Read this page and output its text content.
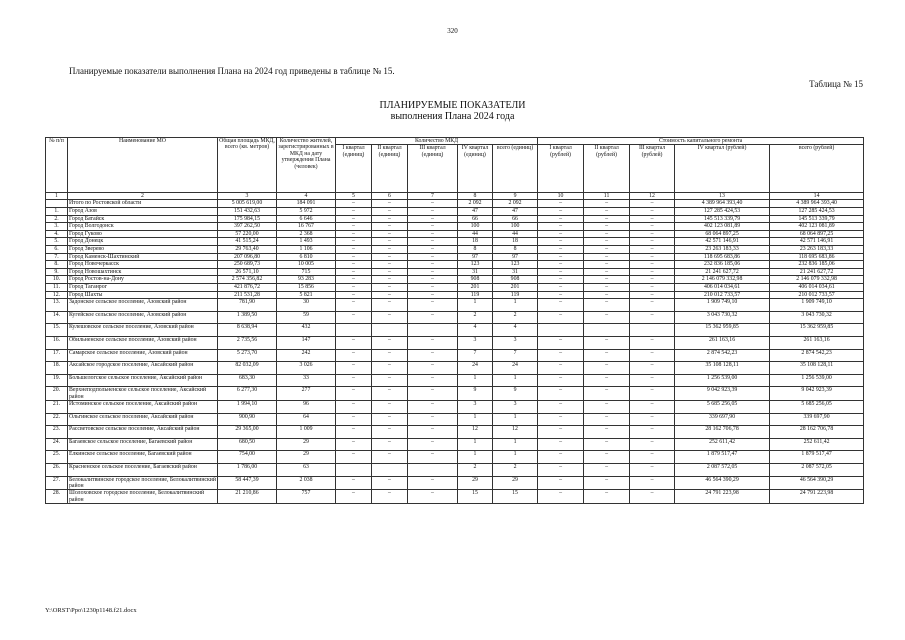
320
Планируемые показатели выполнения Плана на 2024 год приведены в таблице № 15.
Таблица № 15
ПЛАНИРУЕМЫЕ ПОКАЗАТЕЛИ
выполнения Плана 2024 года
№ п/п	Наименование МО	Общая площадь МКД, всего (кв. метров)	Количество жителей, зарегистрированных в МКД на дату утверждения Плана (человек)	Количество МКД					Стоимость капитального ремонта				
				I квартал (единиц)	II квартал (единиц)	III квартал (единиц)	IV квартал (единиц)	всего (единиц)	I квартал (рублей)	II квартал (рублей)	III квартал (рублей)	IV квартал (рублей)	всего (рублей)
1	2	3	4	5	6	7	8	9	10	11	12	13	14
	Итого по Ростовской области	5 005 619,00	184 091	–	–	–	2 092	2 092	–	–	–	4 389 964 393,40	4 389 964 393,40
1.	Город Азов	151 432,63	5 972	–	–	–	47	47	–	–	–	127 285 424,53	127 285 424,53
2.	Город Батайск	175 984,15	6 646	–	–	–	66	66	–	–	–	145 513 339,79	145 513 339,79
3.	Город Волгодонск	397 262,50	16 767	–	–	–	100	100	–	–	–	402 123 081,89	402 123 081,89
4.	Город Гуково	57 220,00	2 368	–	–	–	44	44	–	–	–	68 064 897,25	68 064 897,25
5.	Город Донецк	41 515,24	1 493	–	–	–	18	18	–	–	–	42 571 146,91	42 571 146,91
6.	Город Зверево	29 763,40	1 106	–	–	–	8	8	–	–	–	23 263 183,33	23 263 183,33
7.	Город Каменск-Шахтинский	207 096,80	6 810	–	–	–	97	97	–	–	–	118 695 683,86	118 695 683,86
8.	Город Новочеркасск	250 689,73	10 005	–	–	–	123	123	–	–	–	232 836 185,06	232 836 185,06
9.	Город Новошахтинск	26 571,10	715	–	–	–	31	31	–	–	–	21 241 627,72	21 241 627,72
10.	Город Ростов-на-Дону	2 574 356,82	93 283	–	–	–	908	908	–	–	–	2 146 079 332,98	2 146 079 332,98
11.	Город Таганрог	421 876,72	15 856	–	–	–	201	201	–	–	–	406 014 034,61	406 014 034,61
12.	Город Шахты	211 531,28	5 821	–	–	–	119	119	–	–	–	210 012 733,57	210 012 733,57
13.	Задонское сельское поселение, Азовский район	781,90	30	–	–	–	1	1	–	–	–	1 909 749,10	1 909 749,10
14.	Кугейское сельское поселение, Азовский район	1 389,50	59	–	–	–	2	2	–	–	–	3 043 730,32	3 043 730,32
15.	Кулешовское сельское поселение, Азовский район	8 638,94	432				4	4				15 362 959,85	15 362 959,85
16.	Обильненское сельское поселение, Азовский район	2 735,56	147	–	–	–	3	3	–	–	–	261 163,16	261 163,16
17.	Самарское сельское поселение, Азовский район	5 273,70	242	–	–	–	7	7	–	–	–	2 874 542,23	2 874 542,23
18.	Аксайское городское поселение, Аксайский район	82 032,09	3 026	–	–	–	24	24	–	–	–	35 108 128,11	35 108 128,11
19.	Большелогское сельское поселение, Аксайский район	683,30	33	–	–	–	1	1	–	–	–	1 256 539,00	1 256 539,00
20.	Верхнеподпольненское сельское поселение, Аксайский район	6 277,30	277	–	–	–	9	9	–	–	–	9 042 923,39	9 042 923,39
21.	Истоминское сельское поселение, Аксайский район	1 994,10	96	–	–	–	3	3	–	–	–	5 685 256,05	5 685 256,05
22.	Ольгинское сельское поселение, Аксайский район	900,90	64	–	–	–	1	1	–	–	–	339 697,90	339 697,90
23.	Рассветовское сельское поселение, Аксайский район	29 365,00	1 009	–	–	–	12	12	–	–	–	28 162 706,78	28 162 706,78
24.	Багаевское сельское поселение, Багаевский район	680,50	29	–	–	–	1	1	–	–	–	252 611,42	252 611,42
25.	Елкинское сельское поселение, Багаевский район	754,00	29	–	–	–	1	1	–	–	–	1 879 517,47	1 879 517,47
26.	Красненское сельское поселение, Багаевский район	1 786,00	63				2	2	–	–	–	2 087 572,05	2 087 572,05
27.	Белокалитвинское городское поселение, Белокалитвинский район	58 447,39	2 038	–	–	–	29	29	–	–	–	46 564 390,29	46 564 390,29
28.	Шолоховское городское поселение, Белокалитвинский район	21 210,86	757	–	–	–	15	15	–	–	–	24 791 223,98	24 791 223,98
Y:\ORST\Ppo\1230p1148.f21.docx
